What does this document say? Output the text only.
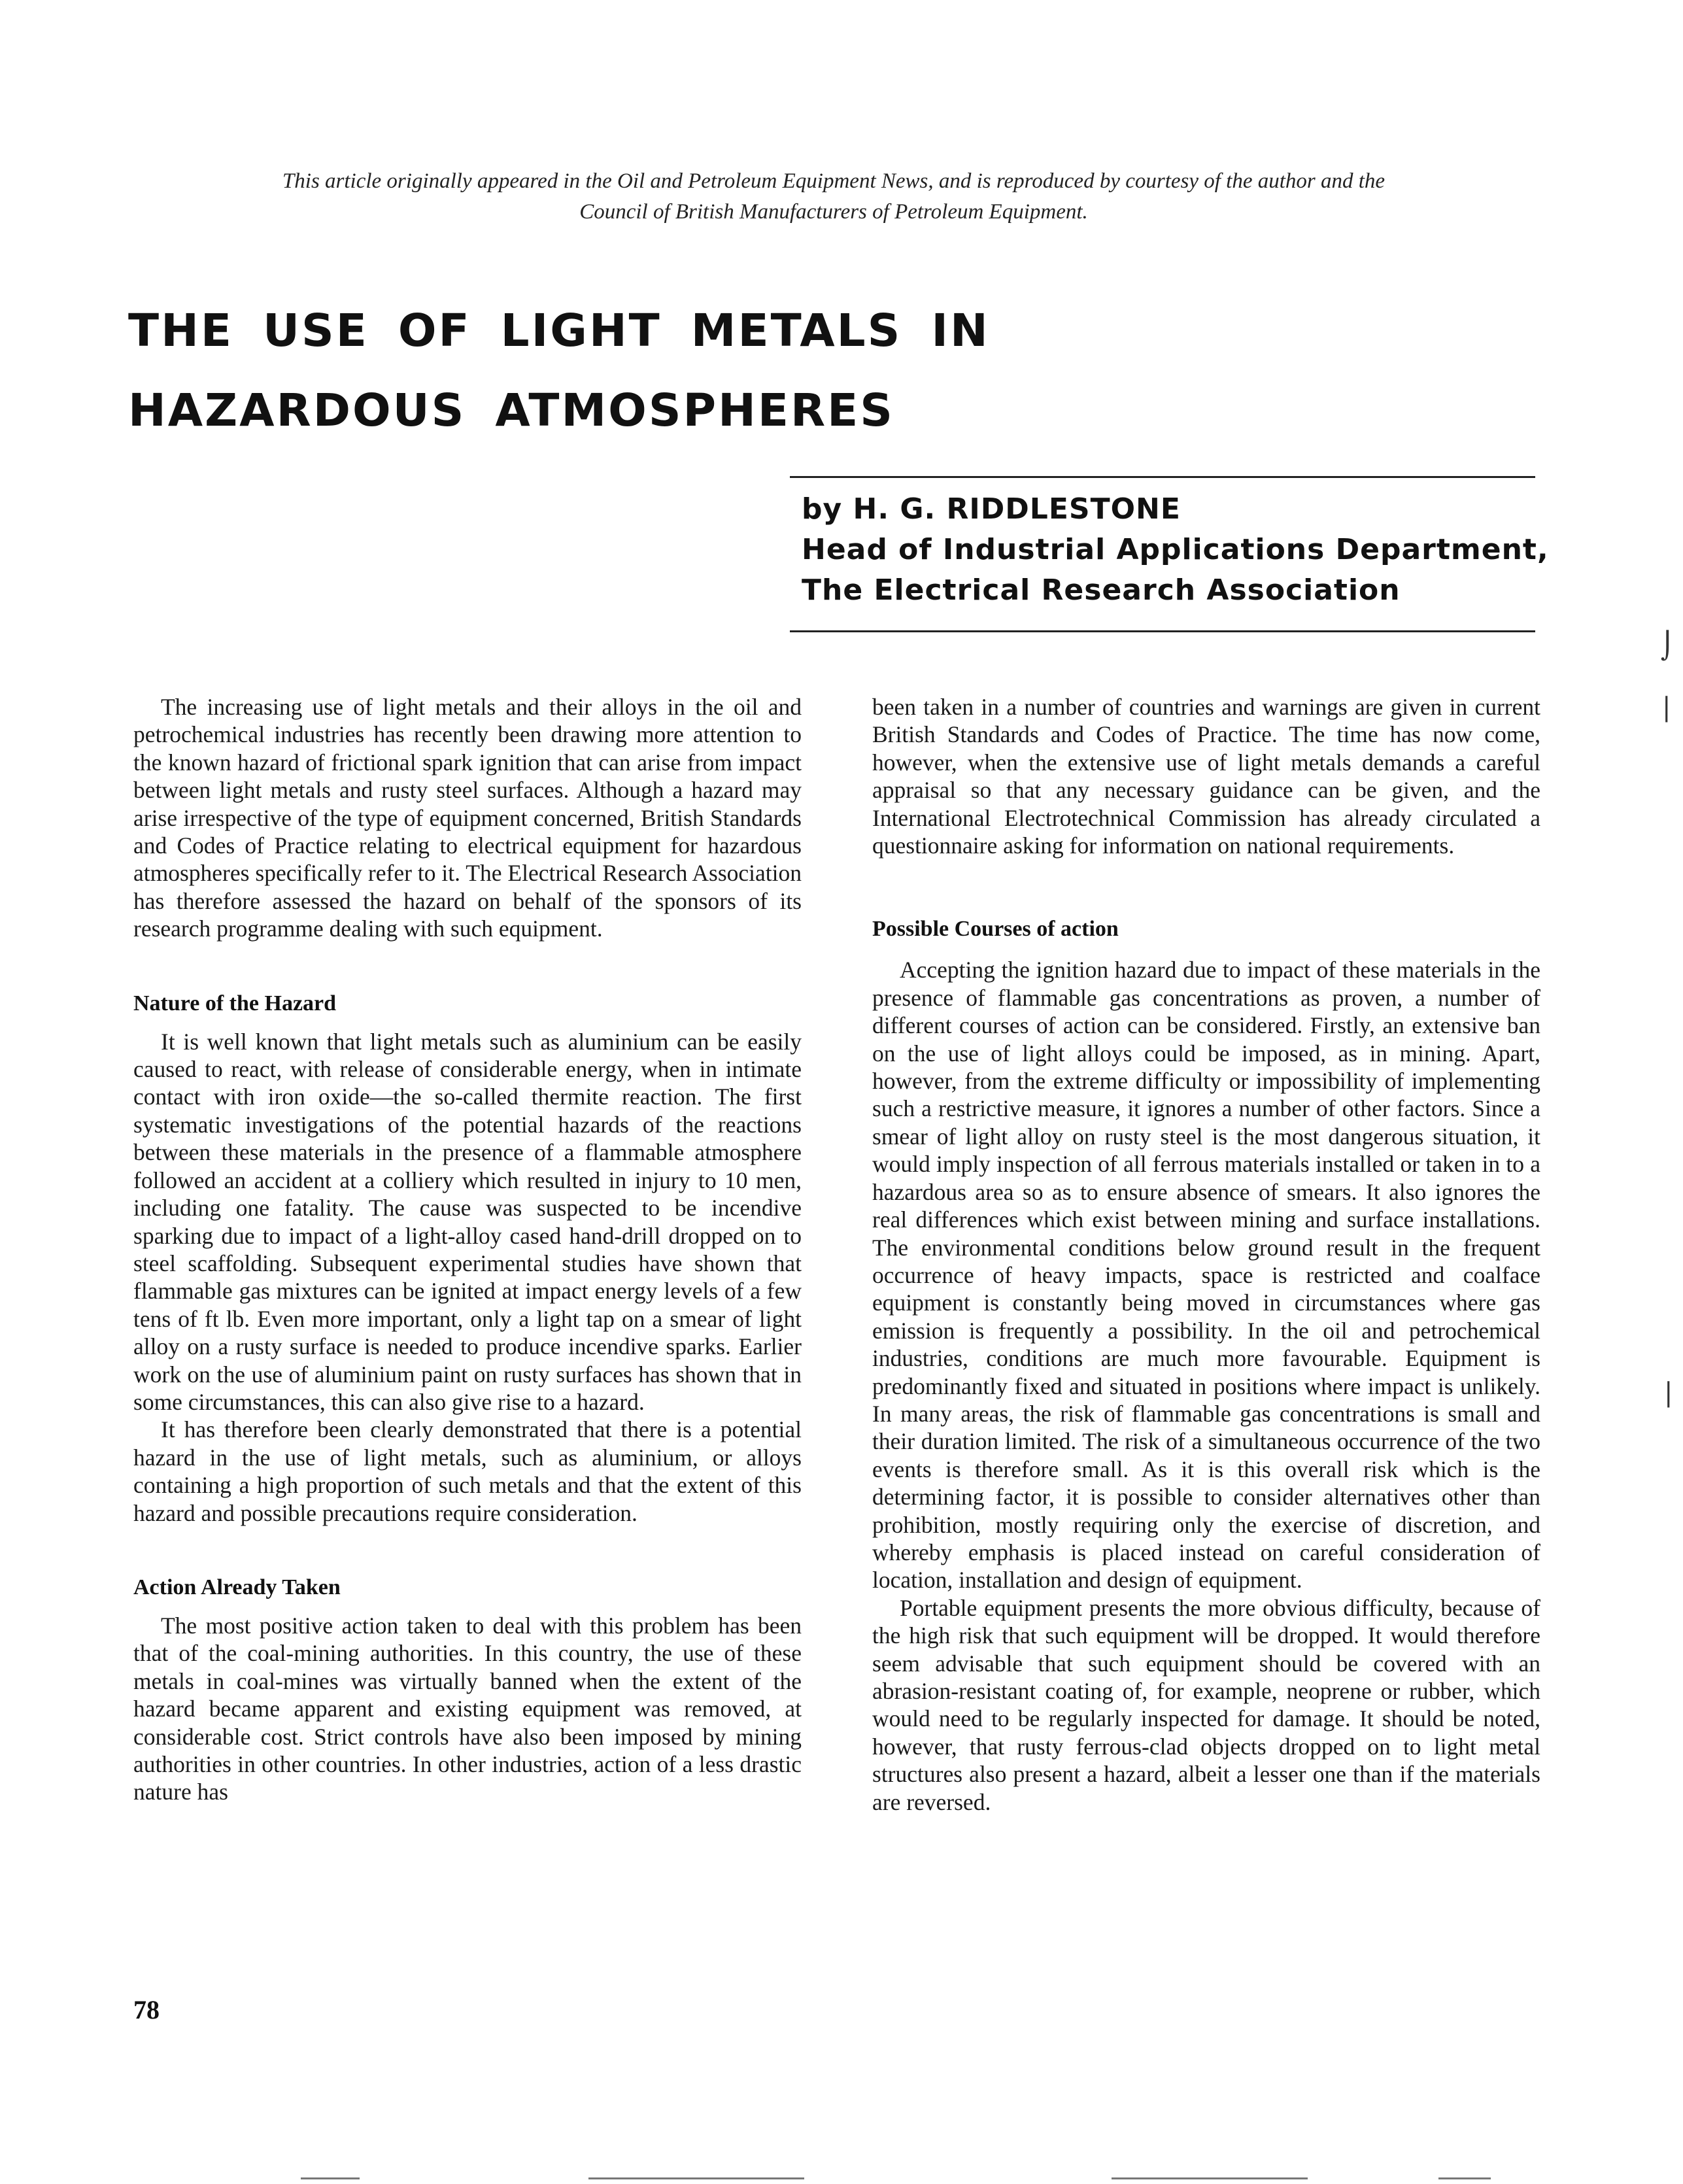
This article originally appeared in the Oil and Petroleum Equipment News, and is reproduced by courtesy of the author and the
Council of British Manufacturers of Petroleum Equipment.
THE USE OF LIGHT METALS IN
HAZARDOUS ATMOSPHERES
by H. G. RIDDLESTONE
Head of Industrial Applications Department,
The Electrical Research Association

The increasing use of light metals and their alloys in the oil and petrochemical industries has recently been drawing more attention to the known hazard of frictional spark ignition that can arise from impact between light metals and rusty steel surfaces. Although a hazard may arise irrespective of the type of equipment concerned, British Standards and Codes of Practice relating to electrical equipment for hazardous atmospheres specifically refer to it. The Electrical Research Association has therefore assessed the hazard on behalf of the sponsors of its research programme dealing with such equipment.

Nature of the Hazard

It is well known that light metals such as aluminium can be easily caused to react, with release of considerable energy, when in intimate contact with iron oxide—the so-called thermite reaction. The first systematic investigations of the potential hazards of the reactions between these materials in the presence of a flammable atmosphere followed an accident at a colliery which resulted in injury to 10 men, including one fatality. The cause was suspected to be incendive sparking due to impact of a light-alloy cased hand-drill dropped on to steel scaffolding. Subsequent experimental studies have shown that flammable gas mixtures can be ignited at impact energy levels of a few tens of ft lb. Even more important, only a light tap on a smear of light alloy on a rusty surface is needed to produce incendive sparks. Earlier work on the use of aluminium paint on rusty surfaces has shown that in some circumstances, this can also give rise to a hazard.

It has therefore been clearly demonstrated that there is a potential hazard in the use of light metals, such as aluminium, or alloys containing a high proportion of such metals and that the extent of this hazard and possible precautions require consideration.

Action Already Taken

The most positive action taken to deal with this problem has been that of the coal-mining authorities. In this country, the use of these metals in coal-mines was virtually banned when the extent of the hazard became apparent and existing equipment was removed, at considerable cost. Strict controls have also been imposed by mining authorities in other countries. In other industries, action of a less drastic nature has

been taken in a number of countries and warnings are given in current British Standards and Codes of Practice. The time has now come, however, when the extensive use of light metals demands a careful appraisal so that any necessary guidance can be given, and the International Electrotechnical Commission has already circulated a questionnaire asking for information on national requirements.

Possible Courses of action

Accepting the ignition hazard due to impact of these materials in the presence of flammable gas concentrations as proven, a number of different courses of action can be considered. Firstly, an extensive ban on the use of light alloys could be imposed, as in mining. Apart, however, from the extreme difficulty or impossibility of implementing such a restrictive measure, it ignores a number of other factors. Since a smear of light alloy on rusty steel is the most dangerous situation, it would imply inspection of all ferrous materials installed or taken in to a hazardous area so as to ensure absence of smears. It also ignores the real differences which exist between mining and surface installations. The environmental conditions below ground result in the frequent occurrence of heavy impacts, space is restricted and coalface equipment is constantly being moved in circumstances where gas emission is frequently a possibility. In the oil and petrochemical industries, conditions are much more favourable. Equipment is predominantly fixed and situated in positions where impact is unlikely. In many areas, the risk of flammable gas concentrations is small and their duration limited. The risk of a simultaneous occurrence of the two events is therefore small. As it is this overall risk which is the determining factor, it is possible to consider alternatives other than prohibition, mostly requiring only the exercise of discretion, and whereby emphasis is placed instead on careful consideration of location, installation and design of equipment.

Portable equipment presents the more obvious difficulty, because of the high risk that such equipment will be dropped. It would therefore seem advisable that such equipment should be covered with an abrasion-resistant coating of, for example, neoprene or rubber, which would need to be regularly inspected for damage. It should be noted, however, that rusty ferrous-clad objects dropped on to light metal structures also present a hazard, albeit a lesser one than if the materials are reversed.

78
⌡
|
|
